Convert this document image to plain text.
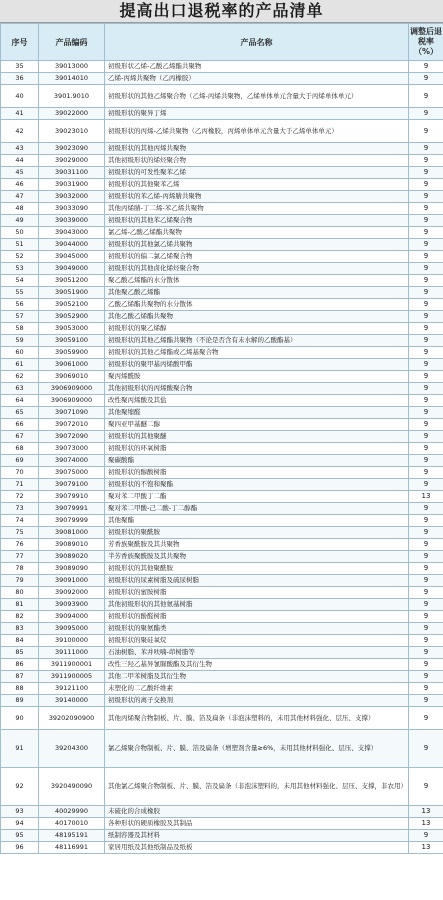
提高出口退税率的产品清单
序号	产品编码	产品名称	调整后退税率（%）
35	39013000	初级形状乙烯-乙酸乙烯酯共聚物	9
36	39014010	乙烯-丙烯共聚物（乙丙橡胶）	9
40	3901.9010	初级形状的其他乙烯聚合物（乙烯-丙烯共聚物，乙烯单体单元含量大于丙烯单体单元）	9
41	39022000	初级形状的聚异丁烯	9
42	39023010	初级形状的丙烯-乙烯共聚物（乙丙橡胶，丙烯单体单元含量大于乙烯单体单元）	9
43	39023090	初级形状的其他丙烯共聚物	9
44	39029000	其他初级形状的烯烃聚合物	9
45	39031100	初级形状的可发性聚苯乙烯	9
46	39031900	初级形状的其他聚苯乙烯	9
47	39032000	初级形状的苯乙烯-丙烯腈共聚物	9
48	39033090	其他丙烯腈-丁二烯-苯乙烯共聚物	9
49	39039000	初级形状的其他苯乙烯聚合物	9
50	39043000	氯乙烯-乙酸乙烯酯共聚物	9
51	39044000	初级形状的其他氯乙烯共聚物	9
52	39045000	初级形状的偏二氯乙烯聚合物	9
53	39049000	初级形状的其他卤化烯烃聚合物	9
54	39051200	聚乙酸乙烯酯的水分散体	9
55	39051900	其他聚乙酸乙烯酯	9
56	39052100	乙酸乙烯酯共聚物的水分散体	9
57	39052900	其他乙酸乙烯酯共聚物	9
58	39053000	初级形状的聚乙烯醇	9
59	39059100	初级形状的其他乙烯酯共聚物（不论是否含有未水解的乙酸酯基）	9
60	39059900	初级形状的其他乙烯酯或乙烯基聚合物	9
61	39061000	初级形状的聚甲基丙烯酸甲酯	9
62	39069010	聚丙烯酰胺	9
63	3906909000	其他初级形状的丙烯酸聚合物	9
64	3906909000	改性聚丙烯酸及其盐	9
65	39071090	其他聚缩醛	9
66	39072010	聚四亚甲基醚二醇	9
67	39072090	初级形状的其他聚醚	9
68	39073000	初级形状的环氧树脂	9
69	39074000	聚碳酸酯	9
70	39075000	初级形状的醇酸树脂	9
71	39079100	初级形状的不饱和聚酯	9
72	39079910	聚对苯二甲酸丁二酯	13
73	39079991	聚对苯二甲酸-己二酸-丁二醇酯	9
74	39079999	其他聚酯	9
75	39081000	初级形状的聚酰胺	9
76	39089010	芳香族聚酰胺及其共聚物	9
77	39089020	半芳香族聚酰胺及其共聚物	9
78	39089090	初级形状的其他聚酰胺	9
79	39091000	初级形状的尿素树脂及硫尿树脂	9
80	39092000	初级形状的蜜胺树脂	9
81	39093900	其他初级形状的其他氨基树脂	9
82	39094000	初级形状的酚醛树脂	9
83	39095000	初级形状的聚氨酯类	9
84	39100000	初级形状的聚硅氧烷	9
85	39111000	石油树脂、苯并呋喃-茚树脂等	9
86	3911900001	改性三羟乙基异氰脲酸酯及其衍生物	9
87	3911900005	其他二甲苯树脂及其衍生物	9
88	39121100	未塑化的二乙酸纤维素	9
89	39140000	初级形状的离子交换剂	9
90	39202090900	其他丙烯聚合物制板、片、膜、箔及扁条（非泡沫塑料的，未用其他材料强化、层压、支撑）	9
91	39204300	氯乙烯聚合物制板、片、膜、箔及扁条（增塑剂含量≥6%，未用其他材料强化、层压、支撑）	9
92	3920490090	其他氯乙烯聚合物制板、片、膜、箔及扁条（非泡沫塑料的，未用其他材料强化、层压、支撑，非农用）	9
93	40029990	未硫化的合成橡胶	13
94	40170010	各种形状的硬质橡胶及其制品	13
95	48195191	纸制容器及其材料	9
96	48116991	家居用纸及其他纸制品及纸板	13
